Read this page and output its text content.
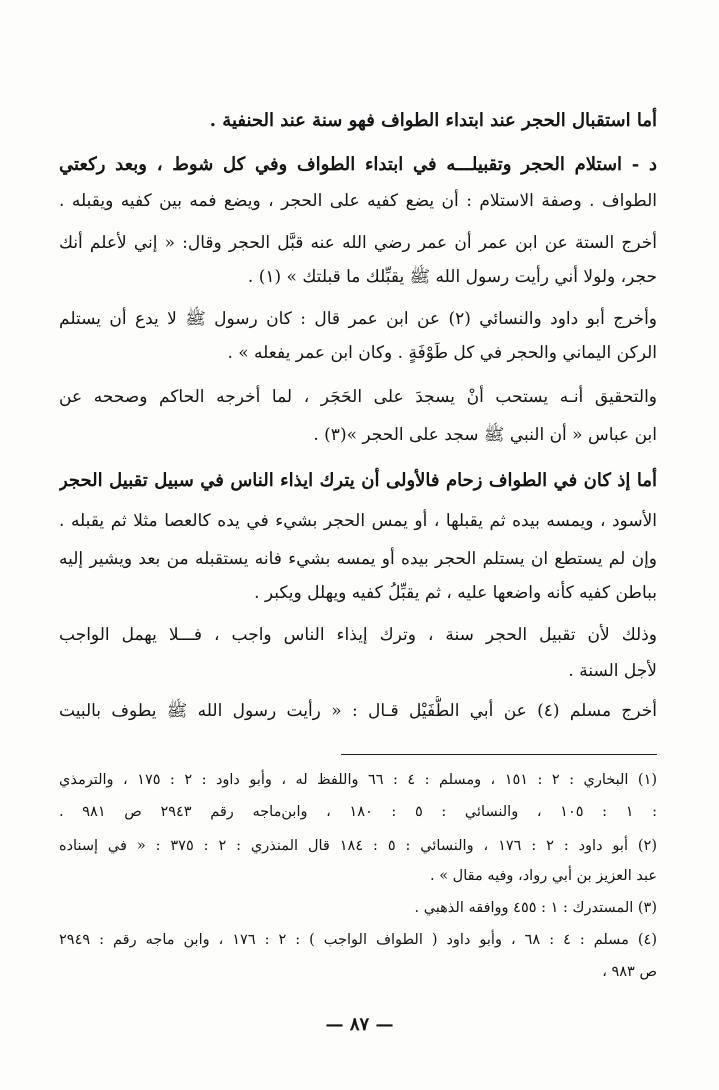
أما استقبال الحجر عند ابتداء الطواف فهو سنة عند الحنفية .
د - استلام الحجر وتقبيلـــه في ابتداء الطواف وفي كل شوط ، وبعد ركعتي
الطواف . وصفة الاستلام : أن يضع كفيه على الحجر ، ويضع فمه بين كفيه ويقبله .
أخرج الستة عن ابن عمر أن عمر رضي الله عنه قبَّل الحجر وقال: « إني لأعلم أنك
حجر، ولولا أني رأيت رسول الله ﷺ يقبِّلك ما قبلتك » (١) .
وأخرج أبو داود والنسائي (٢) عن ابن عمر قال : كان رسول ﷺ لا يدع أن يستلم
الركن اليماني والحجر في كل طَوْفَةٍ . وكان ابن عمر يفعله » .
والتحقيق أنـه يستحب أنْ يسجدَ على الحَجَر ، لما أخرجه الحاكم وصححه عن
ابن عباس « أن النبي ﷺ سجد على الحجر »(٣) .
أما إذ كان في الطواف زحام فالأولى أن يترك ايذاء الناس في سبيل تقبيل الحجر
الأسود ، ويمسه بيده ثم يقبلها ، أو يمس الحجر بشيء في يده كالعصا مثلا ثم يقبله .
وإن لم يستطع ان يستلم الحجر بيده أو يمسه بشيء فانه يستقبله من بعد ويشير إليه
بباطن كفيه كأنه واضعها عليه ، ثم يقبِّلُ كفيه ويهلل ويكبر .
وذلك لأن تقبيل الحجر سنة ، وترك إيذاء الناس واجب ، فـــلا يهمل الواجب
لأجل السنة .
أخرج مسلم (٤) عن أبي الطُّفَيْل قـال : « رأيت رسول الله ﷺ يطوف بالبيت
(١) البخاري : ٢ : ١٥١ ، ومسلم : ٤ : ٦٦ واللفظ له ، وأبو داود : ٢ : ١٧٥ ، والترمذي
: ١ : ١٠٥ ، والنسائي : ٥ : ١٨٠ ، وابن‌ماجه رقم ٢٩٤٣ ص ٩٨١ .
(٢) أبو داود : ٢ : ١٧٦ ، والنسائي : ٥ : ١٨٤ قال المنذري : ٢ : ٣٧٥ : « في إسناده
عبد العزيز بن أبي رواد، وفيه مقال » .
(٣) المستدرك : ١ : ٤٥٥ ووافقه الذهبي .
(٤) مسلم : ٤ : ٦٨ ، وأبو داود ( الطواف الواجب ) : ٢ : ١٧٦ ، وابن ماجه رقم : ٢٩٤٩
ص ٩٨٣ ،
— ٨٧ —
